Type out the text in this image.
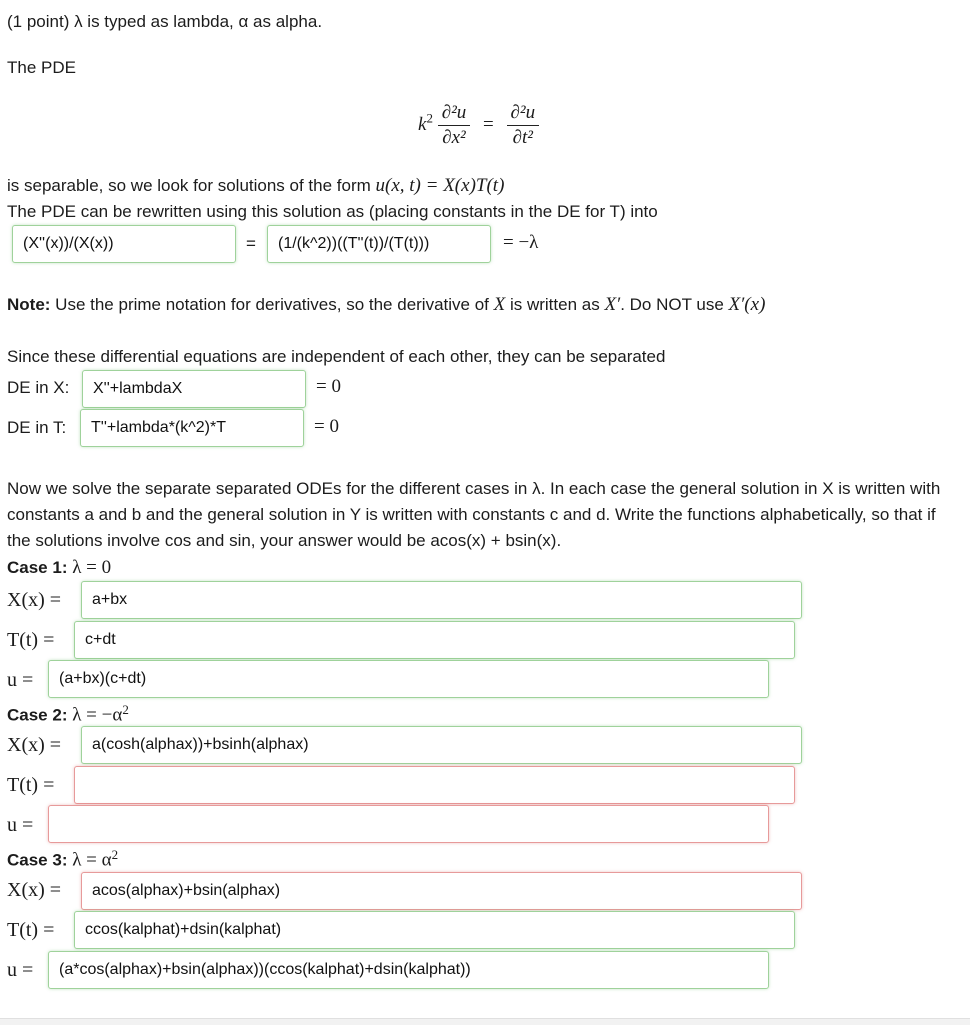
(1 point) λ is typed as lambda, α as alpha.
The PDE
$k^2 \frac{\text{∂²u}}{\text{∂x²}} = \frac{\text{∂²u}}{\text{∂t²}}$
is separable, so we look for solutions of the form u(x, t) = X(x)T(t)
The PDE can be rewritten using this solution as (placing constants in the DE for T) into
(X''(x))/(X(x))
=
(1/(k^2))((T''(t))/(T(t)))	= −λ
Note: Use the prime notation for derivatives, so the derivative of X is written as X′. Do NOT use X′(x)
Since these differential equations are independent of each other, they can be separated
DE in X:
X''+lambdaX	= 0
DE in T:
T''+lambda*(k^2)*T	= 0
Now we solve the separate separated ODEs for the different cases in λ. In each case the general solution in X is written with constants a and b and the general solution in Y is written with constants c and d. Write the functions alphabetically, so that if the solutions involve cos and sin, your answer would be acos(x) + bsin(x).
Case 1: λ = 0
X(x) =
a+bx
T(t) =
c+dt
u =
(a+bx)(c+dt)
Case 2: $\lambda = -\alpha^2$
X(x) =
a(cosh(alphax))+bsinh(alphax)
T(t) =
u =
Case 3: $\lambda = \alpha^2$
X(x) =
acos(alphax)+bsin(alphax)
T(t) =
ccos(kalphat)+dsin(kalphat)
u =
(a*cos(alphax)+bsin(alphax))(ccos(kalphat)+dsin(kalphat))
